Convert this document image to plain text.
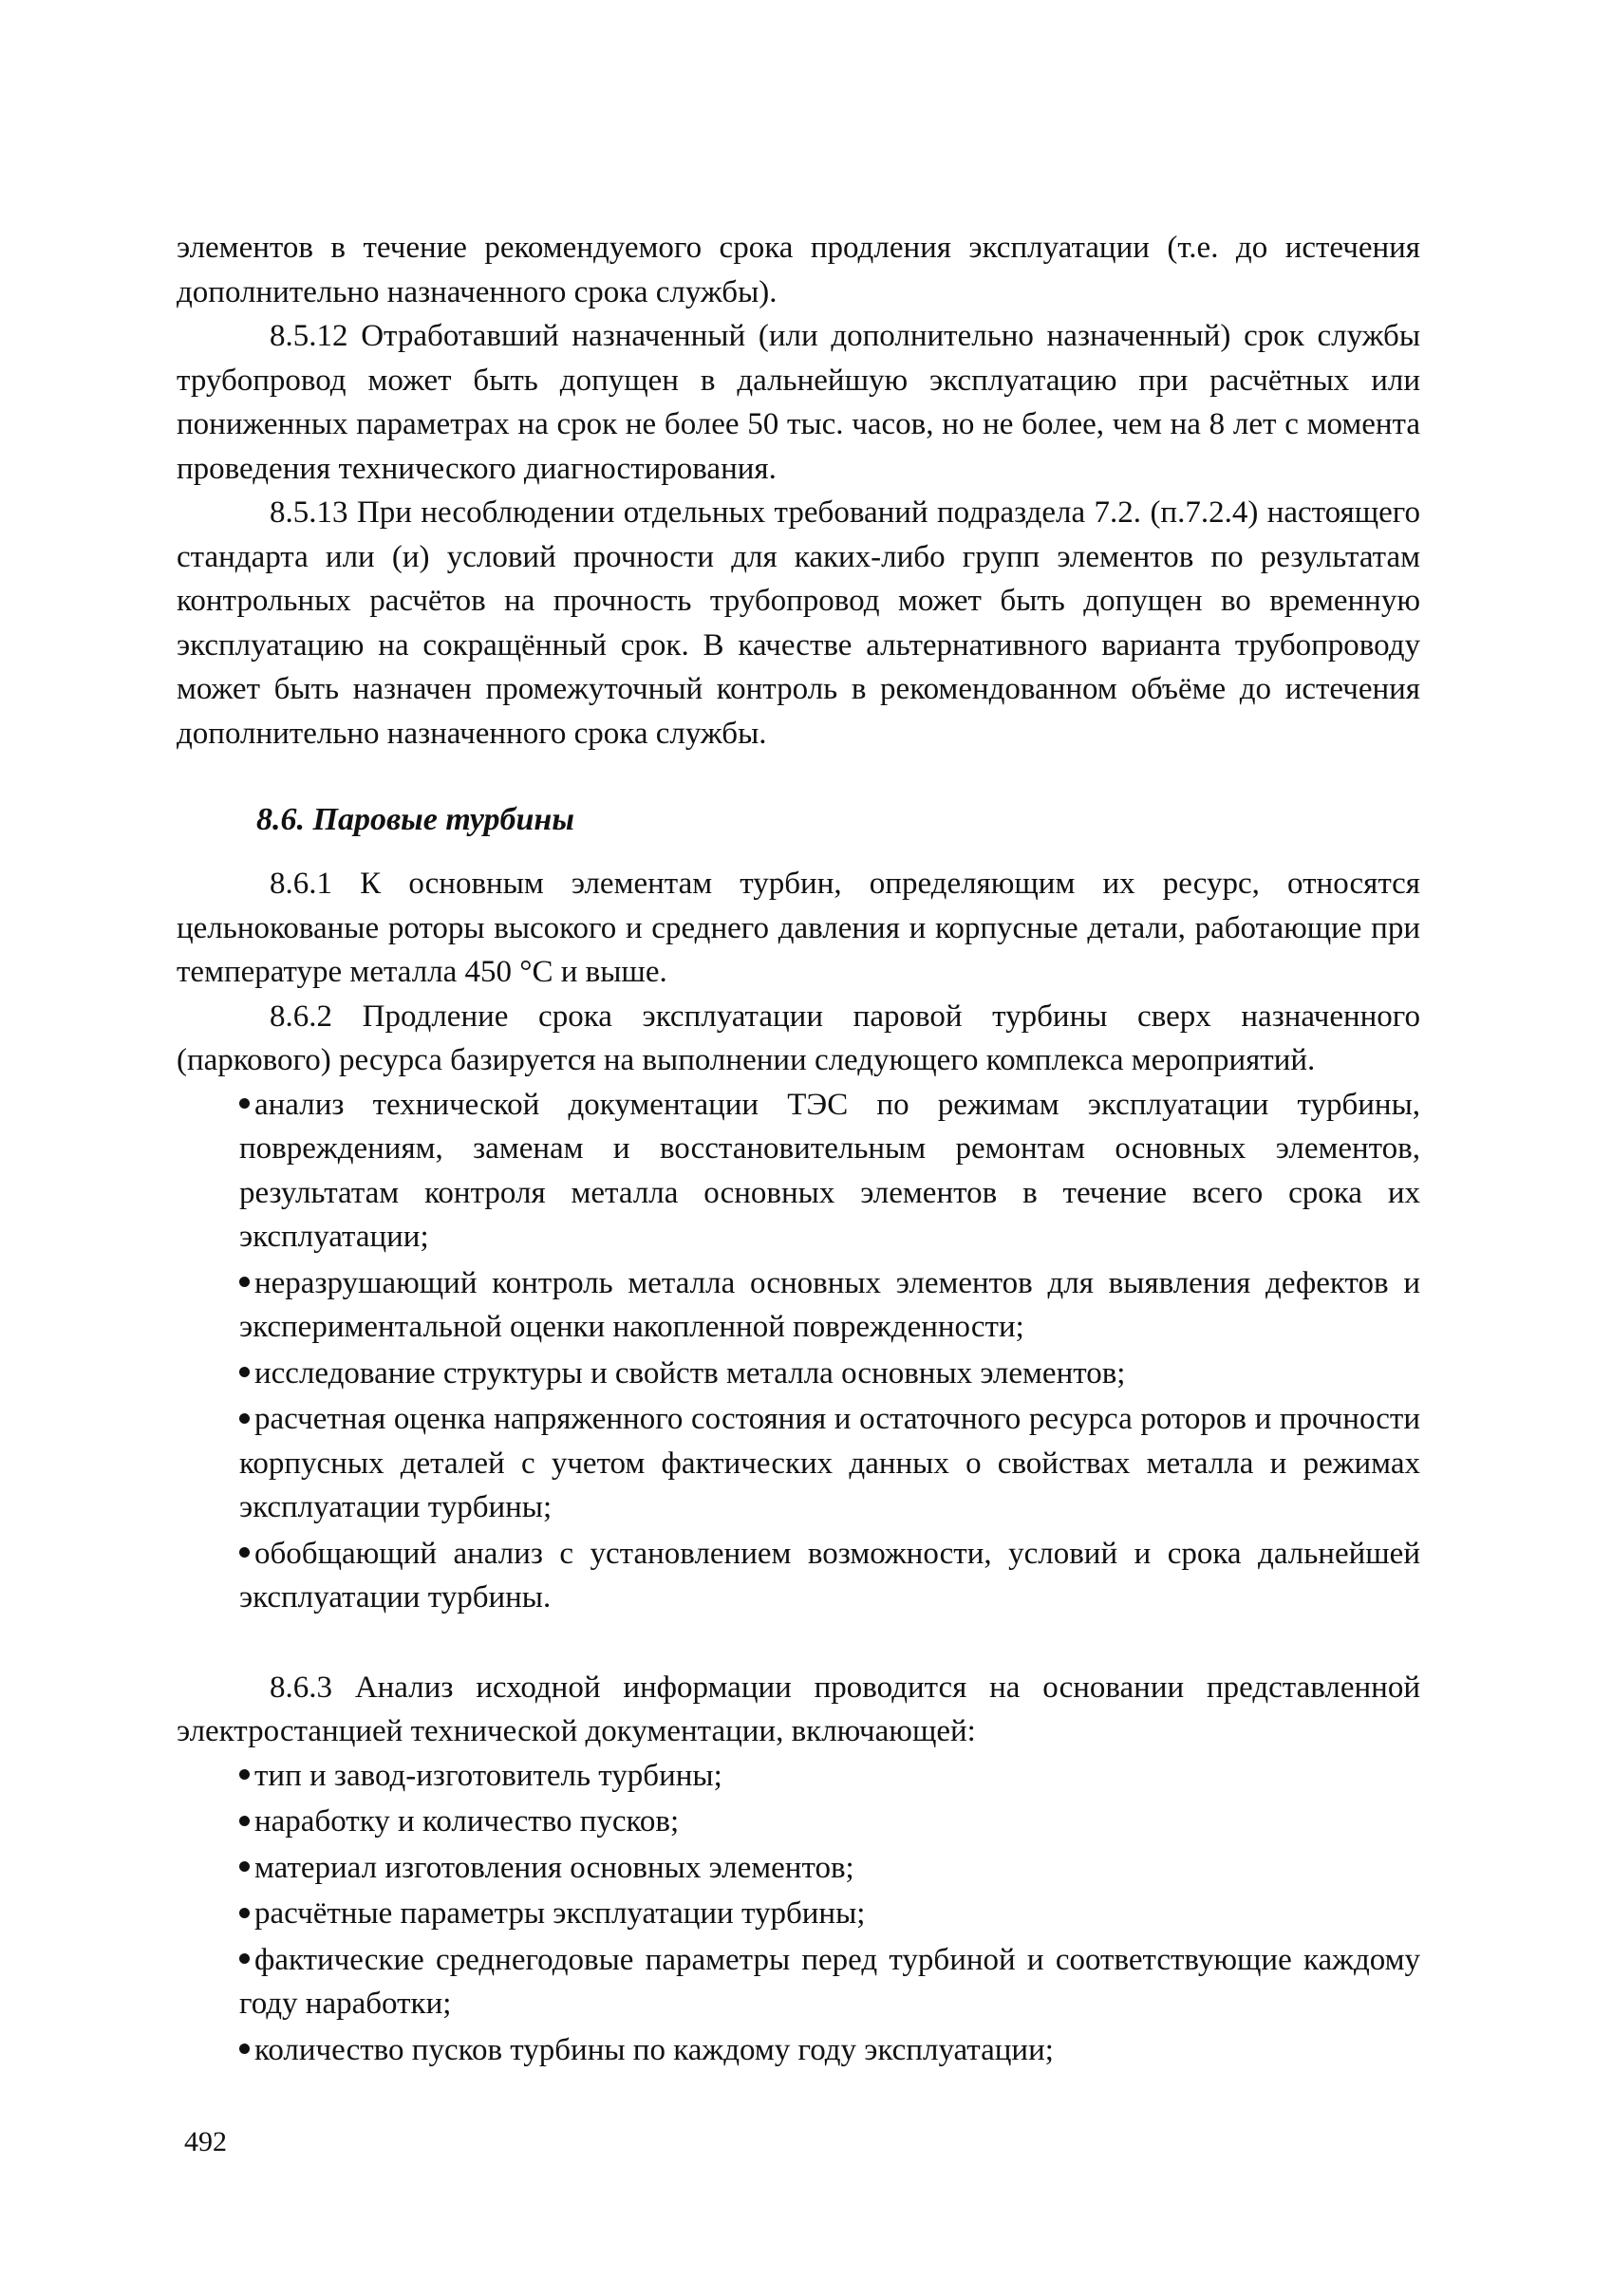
элементов в течение рекомендуемого срока продления эксплуатации (т.е. до истечения дополнительно назначенного срока службы).

8.5.12 Отработавший назначенный (или дополнительно назначенный) срок службы трубопровод может быть допущен в дальнейшую эксплуатацию при расчётных или пониженных параметрах на срок не более 50 тыс. часов, но не более, чем на 8 лет с момента проведения технического диагностирования.

8.5.13 При несоблюдении отдельных требований подраздела 7.2. (п.7.2.4) настоящего стандарта или (и) условий прочности для каких-либо групп элементов по результатам контрольных расчётов на прочность трубопровод может быть допущен во временную эксплуатацию на сокращённый срок. В качестве альтернативного варианта трубопроводу может быть назначен промежуточный контроль в рекомендованном объёме до истечения дополнительно назначенного срока службы.

8.6. Паровые турбины

8.6.1 К основным элементам турбин, определяющим их ресурс, относятся цельнокованые роторы высокого и среднего давления и корпусные детали, работающие при температуре металла 450 °С и выше.

8.6.2 Продление срока эксплуатации паровой турбины сверх назначенного (паркового) ресурса базируется на выполнении следующего комплекса мероприятий.

анализ технической документации ТЭС по режимам эксплуатации турбины, повреждениям, заменам и восстановительным ремонтам основных элементов, результатам контроля металла основных элементов в течение всего срока их эксплуатации;
неразрушающий контроль металла основных элементов для выявления дефектов и экспериментальной оценки накопленной поврежденности;
исследование структуры и свойств металла основных элементов;
расчетная оценка напряженного состояния и остаточного ресурса роторов и прочности корпусных деталей с учетом фактических данных о свойствах металла и режимах эксплуатации турбины;
обобщающий анализ с установлением возможности, условий и срока дальнейшей эксплуатации турбины.

8.6.3 Анализ исходной информации проводится на основании представленной электростанцией технической документации, включающей:

тип и завод-изготовитель турбины;
наработку и количество пусков;
материал изготовления основных элементов;
расчётные параметры эксплуатации турбины;
фактические среднегодовые параметры перед турбиной и соответствующие каждому году наработки;
количество пусков турбины по каждому году эксплуатации;
492
